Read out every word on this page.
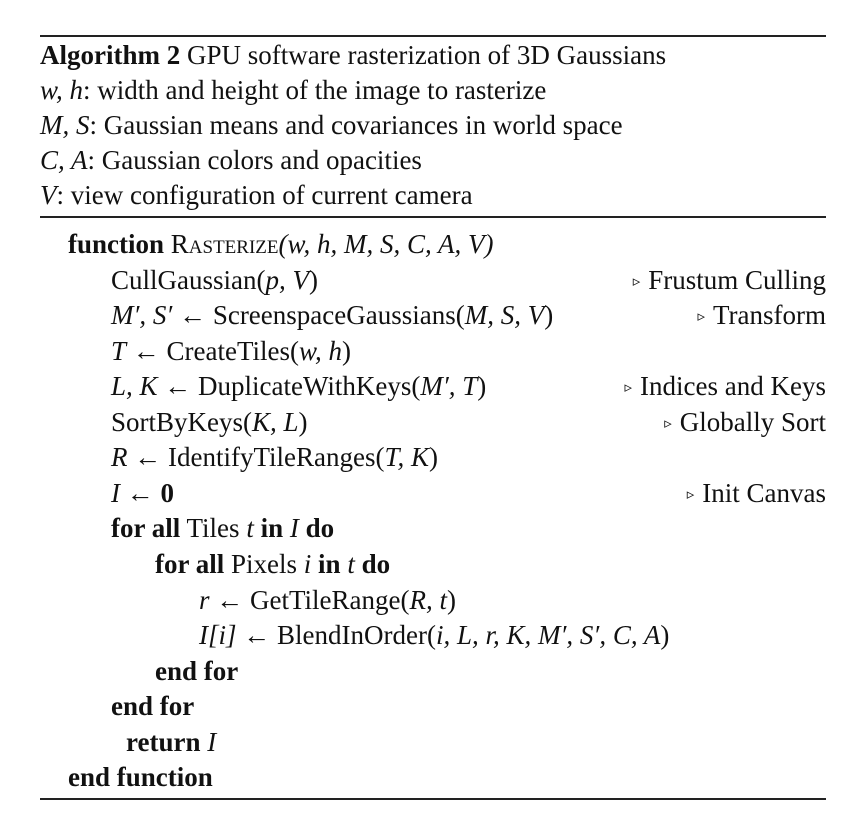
Algorithm 2 GPU software rasterization of 3D Gaussians
w, h: width and height of the image to rasterize
M, S: Gaussian means and covariances in world space
C, A: Gaussian colors and opacities
V: view configuration of current camera
function Rasterize(w, h, M, S, C, A, V)
CullGaussian(p, V)	▹ Frustum Culling
M′, S′ ← ScreenspaceGaussians(M, S, V)	▹ Transform
T ← CreateTiles(w, h)
L, K ← DuplicateWithKeys(M′, T)	▹ Indices and Keys
SortByKeys(K, L)	▹ Globally Sort
R ← IdentifyTileRanges(T, K)
I ← 0	▹ Init Canvas
for all Tiles t in I do
for all Pixels i in t do
r ← GetTileRange(R, t)
I[i] ← BlendInOrder(i, L, r, K, M′, S′, C, A)
end for
end for
return I
end function
